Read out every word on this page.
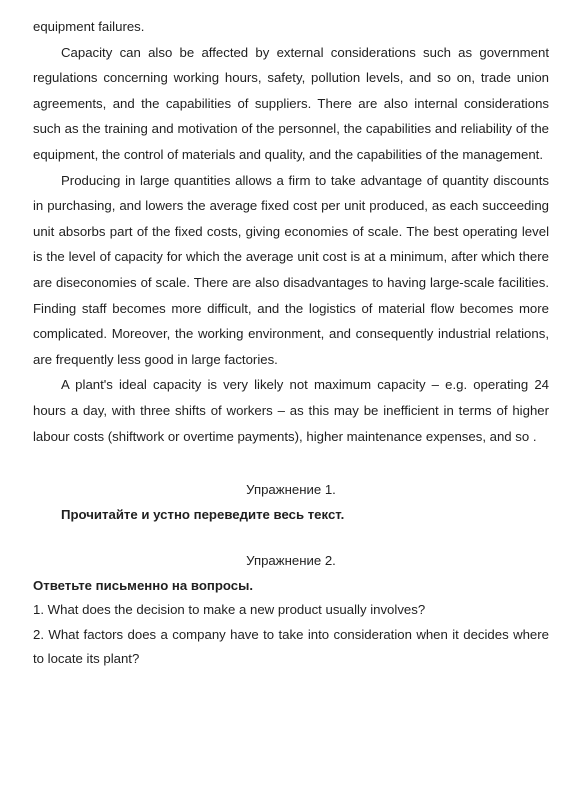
equipment failures.

Capacity can also be affected by external considerations such as government regulations concerning working hours, safety, pollution levels, and so on, trade union agreements, and the capabilities of suppliers. There are also internal considerations such as the training and motivation of the personnel, the capabilities and reliability of the equipment, the control of materials and quality, and the capabilities of the management.

Producing in large quantities allows a firm to take advantage of quantity discounts in purchasing, and lowers the average fixed cost per unit produced, as each succeeding unit absorbs part of the fixed costs, giving economies of scale. The best operating level is the level of capacity for which the average unit cost is at a minimum, after which there are diseconomies of scale. There are also disadvantages to having large-scale facilities. Finding staff becomes more difficult, and the logistics of material flow becomes more complicated. Moreover, the working environment, and consequently industrial relations, are frequently less good in large factories.

A plant's ideal capacity is very likely not maximum capacity – e.g. operating 24 hours a day, with three shifts of workers – as this may be inefficient in terms of higher labour costs (shiftwork or overtime payments), higher maintenance expenses, and so .

Упражнение 1.

Прочитайте и устно переведите весь текст.

Упражнение 2.

Ответьте письменно на вопросы.

1. What does the decision to make a new product usually involves?

2. What factors does a company have to take into consideration when it decides where to locate its plant?
